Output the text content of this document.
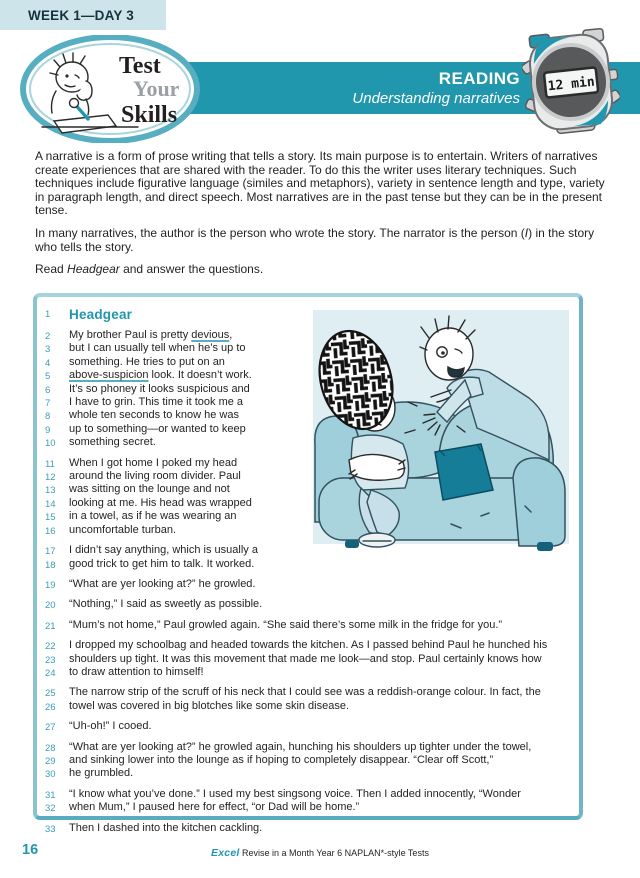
WEEK 1—DAY 3
READING
Understanding narratives
Test
Your
Skills
12 min

A narrative is a form of prose writing that tells a story. Its main purpose is to entertain. Writers of narratives create experiences that are shared with the reader. To do this the writer uses literary techniques. Such techniques include figurative language (similes and metaphors), variety in sentence length and type, variety in paragraph length, and direct speech. Most narratives are in the past tense but they can be in the present tense.

In many narratives, the author is the person who wrote the story. The narrator is the person (I) in the story who tells the story.

Read Headgear and answer the questions.

1	Headgear
2	My brother Paul is pretty devious,
3	but I can usually tell when he’s up to
4	something. He tries to put on an
5	above-suspicion look. It doesn’t work.
6	It’s so phoney it looks suspicious and
7	I have to grin. This time it took me a
8	whole ten seconds to know he was
9	up to something—or wanted to keep
10	something secret.
11	When I got home I poked my head
12	around the living room divider. Paul
13	was sitting on the lounge and not
14	looking at me. His head was wrapped
15	in a towel, as if he was wearing an
16	uncomfortable turban.
17	I didn’t say anything, which is usually a
18	good trick to get him to talk. It worked.
19	“What are yer looking at?” he growled.
20	“Nothing,” I said as sweetly as possible.
21	“Mum’s not home,” Paul growled again. “She said there’s some milk in the fridge for you.”
22	I dropped my schoolbag and headed towards the kitchen. As I passed behind Paul he hunched his
23	shoulders up tight. It was this movement that made me look—and stop. Paul certainly knows how
24	to draw attention to himself!
25	The narrow strip of the scruff of his neck that I could see was a reddish-orange colour. In fact, the
26	towel was covered in big blotches like some skin disease.
27	“Uh-oh!” I cooed.
28	“What are yer looking at?” he growled again, hunching his shoulders up tighter under the towel,
29	and sinking lower into the lounge as if hoping to completely disappear. “Clear off Scott,”
30	he grumbled.
31	“I know what you’ve done.” I used my best singsong voice. Then I added innocently, “Wonder
32	when Mum,” I paused here for effect, “or Dad will be home.”
33	Then I dashed into the kitchen cackling.
16	Excel Revise in a Month Year 6 NAPLAN*-style Tests
